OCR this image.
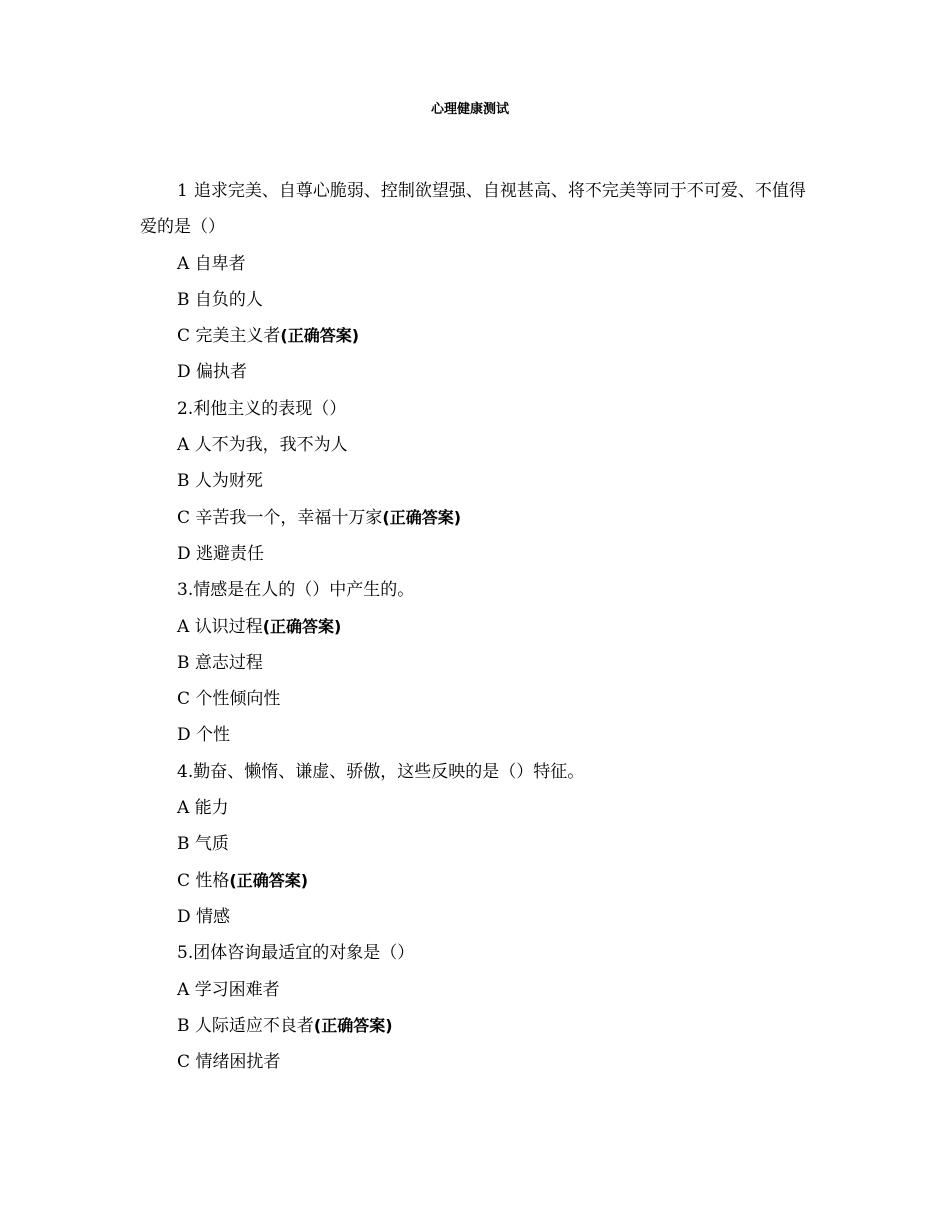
心理健康测试
1 追求完美、自尊心脆弱、控制欲望强、自视甚高、将不完美等同于不可爱、不值得爱的是（）
A 自卑者
B 自负的人
C 完美主义者(正确答案)
D 偏执者
2.利他主义的表现（）
A 人不为我，我不为人
B 人为财死
C 辛苦我一个，幸福十万家(正确答案)
D 逃避责任
3.情感是在人的（）中产生的。
A 认识过程(正确答案)
B 意志过程
C 个性倾向性
D 个性
4.勤奋、懒惰、谦虚、骄傲，这些反映的是（）特征。
A 能力
B 气质
C 性格(正确答案)
D 情感
5.团体咨询最适宜的对象是（）
A 学习困难者
B 人际适应不良者(正确答案)
C 情绪困扰者
